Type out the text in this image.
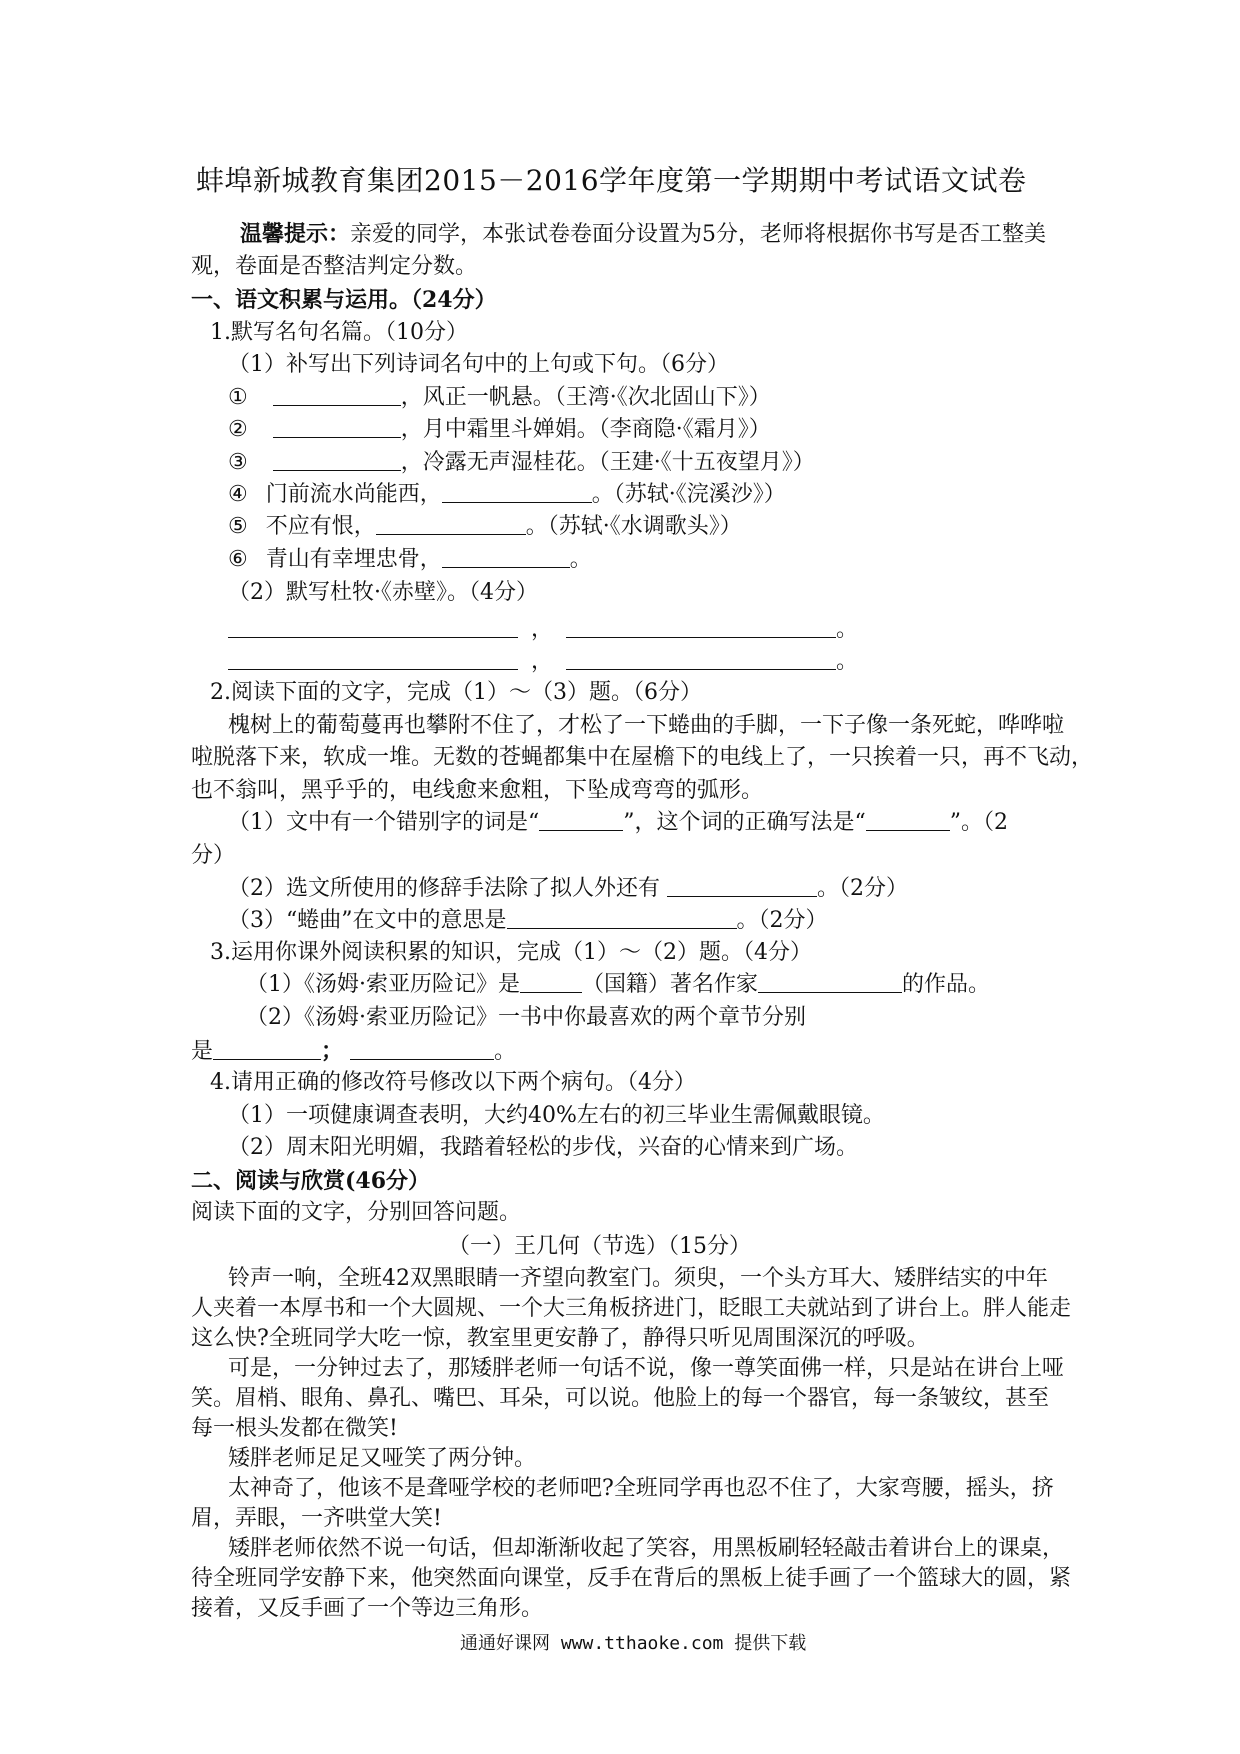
蚌埠新城教育集团2015－2016学年度第一学期期中考试语文试卷
温馨提示：亲爱的同学，本张试卷卷面分设置为5分，老师将根据你书写是否工整美
观，卷面是否整洁判定分数。
一、语文积累与运用。（24分）
1.默写名句名篇。（10分）
（1）补写出下列诗词名句中的上句或下句。（6分）
①	，风正一帆悬。（王湾·《次北固山下》）
②	，月中霜里斗婵娟。（李商隐·《霜月》）
③	，冷露无声湿桂花。（王建·《十五夜望月》）
④ 门前流水尚能西，	。（苏轼·《浣溪沙》）
⑤ 不应有恨，	。（苏轼·《水调歌头》）
⑥ 青山有幸埋忠骨，	。
（2）默写杜牧·《赤壁》。（4分）
，	。
，	。
2.阅读下面的文字，完成（1）～（3）题。（6分）
槐树上的葡萄蔓再也攀附不住了，才松了一下蜷曲的手脚，一下子像一条死蛇，哗哗啦
啦脱落下来，软成一堆。无数的苍蝇都集中在屋檐下的电线上了，一只挨着一只，再不飞动，
也不翁叫，黑乎乎的，电线愈来愈粗，下坠成弯弯的弧形。
（1）文中有一个错别字的词是“	”，这个词的正确写法是“	”。（2
分）
（2）选文所使用的修辞手法除了拟人外还有	。（2分）
（3）“蜷曲”在文中的意思是	。（2分）
3.运用你课外阅读积累的知识，完成（1）～（2）题。（4分）
（1）《汤姆·索亚历险记》是	（国籍）著名作家	的作品。
（2）《汤姆·索亚历险记》一书中你最喜欢的两个章节分别
是	；	。
4.请用正确的修改符号修改以下两个病句。（4分）
（1）一项健康调查表明，大约40%左右的初三毕业生需佩戴眼镜。
（2）周末阳光明媚，我踏着轻松的步伐，兴奋的心情来到广场。
二、阅读与欣赏(46分）
阅读下面的文字，分别回答问题。
（一）王几何（节选）（15分）
铃声一响，全班42双黑眼睛一齐望向教室门。须臾，一个头方耳大、矮胖结实的中年
人夹着一本厚书和一个大圆规、一个大三角板挤进门，眨眼工夫就站到了讲台上。胖人能走
这么快?全班同学大吃一惊，教室里更安静了，静得只听见周围深沉的呼吸。
可是，一分钟过去了，那矮胖老师一句话不说，像一尊笑面佛一样，只是站在讲台上哑
笑。眉梢、眼角、鼻孔、嘴巴、耳朵，可以说。他脸上的每一个器官，每一条皱纹，甚至
每一根头发都在微笑!
矮胖老师足足又哑笑了两分钟。
太神奇了，他该不是聋哑学校的老师吧?全班同学再也忍不住了，大家弯腰，摇头，挤
眉，弄眼，一齐哄堂大笑!
矮胖老师依然不说一句话，但却渐渐收起了笑容，用黑板刷轻轻敲击着讲台上的课桌，
待全班同学安静下来，他突然面向课堂，反手在背后的黑板上徒手画了一个篮球大的圆，紧
接着，又反手画了一个等边三角形。
通通好课网 www.tthaoke.com 提供下载
